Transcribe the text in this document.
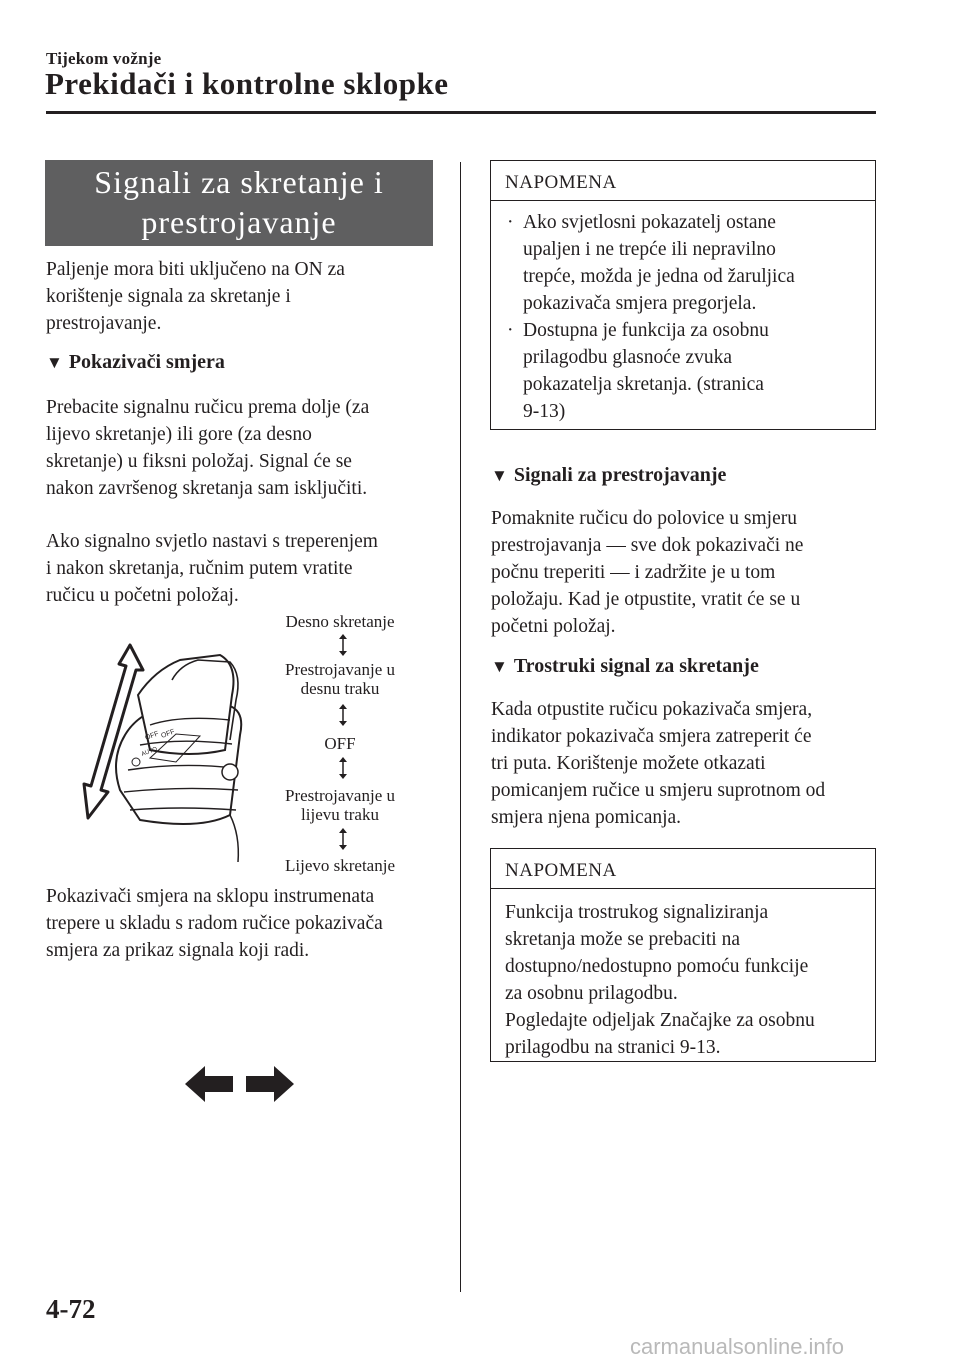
Tijekom vožnje
Prekidači i kontrolne sklopke
Signali za skretanje i
prestrojavanje
Paljenje mora biti uključeno na ON za
korištenje signala za skretanje i
prestrojavanje.
▼ Pokazivači smjera
Prebacite signalnu ručicu prema dolje (za
lijevo skretanje) ili gore (za desno
skretanje) u fiksni položaj. Signal će se
nakon završenog skretanja sam isključiti.
Ako signalno svjetlo nastavi s treperenjem
i nakon skretanja, ručnim putem vratite
ručicu u početni položaj.
OFF OFF
AUTO
Desno skretanje
Prestrojavanje u
desnu traku
OFF
Prestrojavanje u
lijevu traku
Lijevo skretanje
Pokazivači smjera na sklopu instrumenata
trepere u skladu s radom ručice pokazivača
smjera za prikaz signala koji radi.
NAPOMENA
· Ako svjetlosni pokazatelj ostane
upaljen i ne trepće ili nepravilno
trepće, možda je jedna od žaruljica
pokazivača smjera pregorjela.
· Dostupna je funkcija za osobnu
prilagodbu glasnoće zvuka
pokazatelja skretanja. (stranica
9-13)
▼ Signali za prestrojavanje
Pomaknite ručicu do polovice u smjeru
prestrojavanja — sve dok pokazivači ne
počnu treperiti — i zadržite je u tom
položaju. Kad je otpustite, vratit će se u
početni položaj.
▼ Trostruki signal za skretanje
Kada otpustite ručicu pokazivača smjera,
indikator pokazivača smjera zatreperit će
tri puta. Korištenje možete otkazati
pomicanjem ručice u smjeru suprotnom od
smjera njena pomicanja.
NAPOMENA
Funkcija trostrukog signaliziranja
skretanja može se prebaciti na
dostupno/nedostupno pomoću funkcije
za osobnu prilagodbu.
Pogledajte odjeljak Značajke za osobnu
prilagodbu na stranici 9-13.
4-72
carmanualsonline.info
